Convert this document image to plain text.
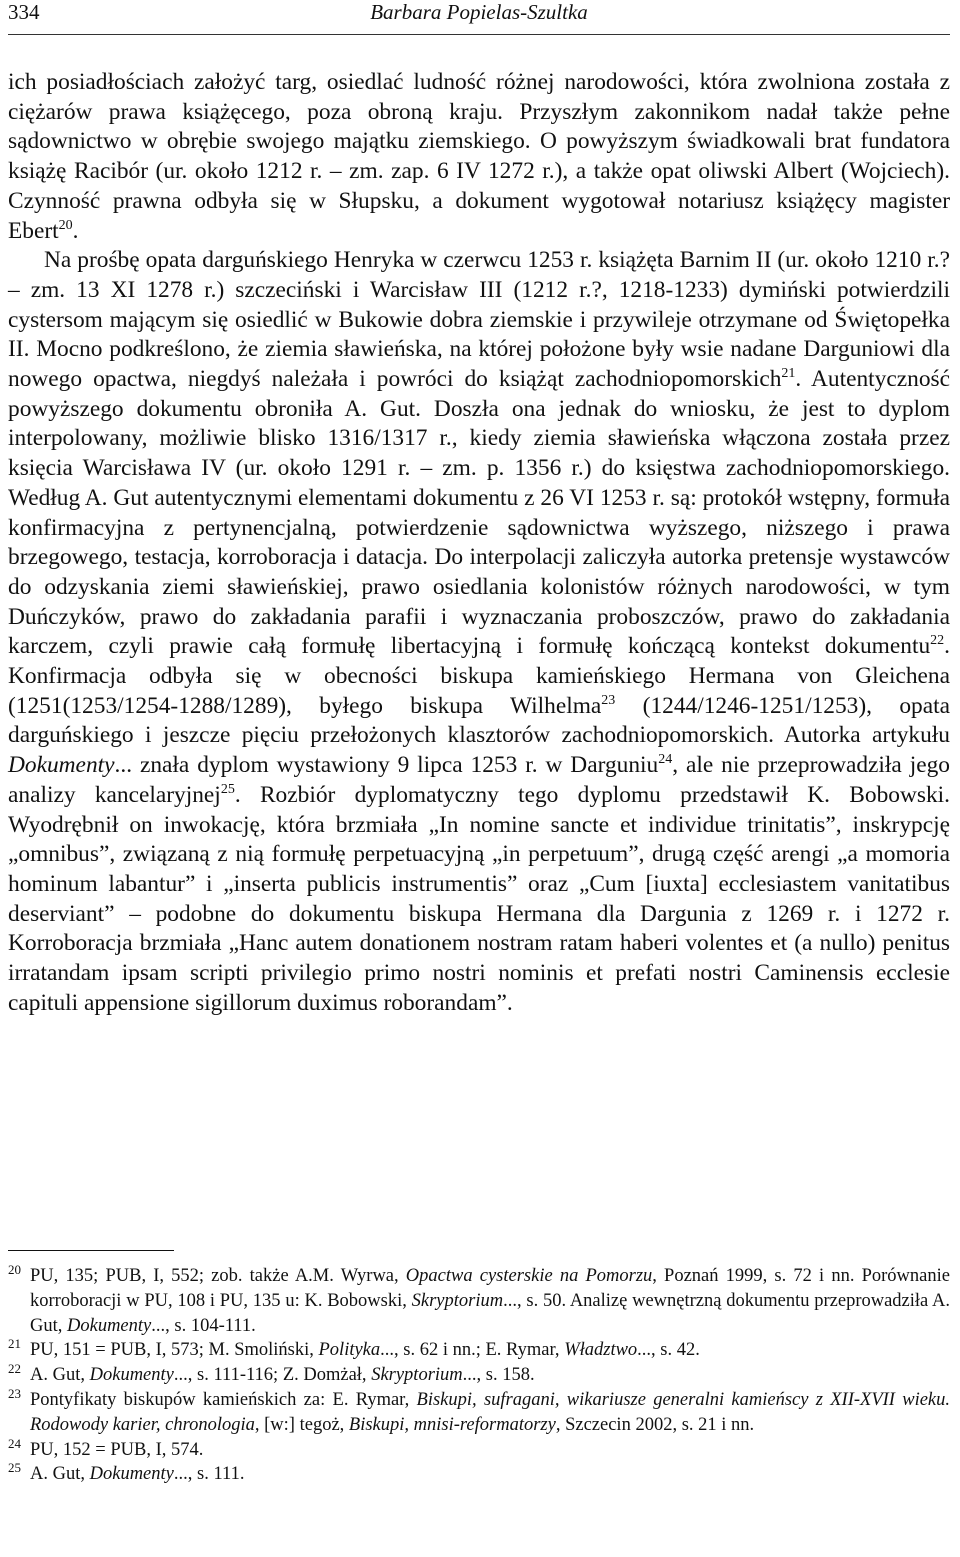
334	Barbara Popielas-Szultka

ich posiadłościach założyć targ, osiedlać ludność różnej narodowości, która zwolniona została z ciężarów prawa książęcego, poza obroną kraju. Przyszłym zakonnikom nadał także pełne sądownictwo w obrębie swojego majątku ziemskiego. O powyższym świadkowali brat fundatora książę Racibór (ur. około 1212 r. – zm. zap. 6 IV 1272 r.), a także opat oliwski Albert (Wojciech). Czynność prawna odbyła się w Słupsku, a dokument wygotował notariusz książęcy magister Ebert$^{20}$.

Na prośbę opata darguńskiego Henryka w czerwcu 1253 r. książęta Barnim II (ur. około 1210 r.? – zm. 13 XI 1278 r.) szczeciński i Warcisław III (1212 r.?, 1218-1233) dymiński potwierdzili cystersom mającym się osiedlić w Bukowie dobra ziemskie i przywileje otrzymane od Świętopełka II. Mocno podkreślono, że ziemia sławieńska, na której położone były wsie nadane Darguniowi dla nowego opactwa, niegdyś należała i powróci do książąt zachodniopomorskich$^{21}$. Autentyczność powyższego dokumentu obroniła A. Gut. Doszła ona jednak do wniosku, że jest to dyplom interpolowany, możliwie blisko 1316/1317 r., kiedy ziemia sławieńska włączona została przez księcia Warcisława IV (ur. około 1291 r. – zm. p. 1356 r.) do księstwa zachodniopomorskiego. Według A. Gut autentycznymi elementami dokumentu z 26 VI 1253 r. są: protokół wstępny, formuła konfirmacyjna z pertynencjalną, potwierdzenie sądownictwa wyższego, niższego i prawa brzegowego, testacja, korroboracja i datacja. Do interpolacji zaliczyła autorka pretensje wystawców do odzyskania ziemi sławieńskiej, prawo osiedlania kolonistów różnych narodowości, w tym Duńczyków, prawo do zakładania parafii i wyznaczania proboszczów, prawo do zakładania karczem, czyli prawie całą formułę libertacyjną i formułę kończącą kontekst dokumentu$^{22}$. Konfirmacja odbyła się w obecności biskupa kamieńskiego Hermana von Gleichena (1251(1253/1254-1288/1289), byłego biskupa Wilhelma$^{23}$ (1244/1246-1251/1253), opata darguńskiego i jeszcze pięciu przełożonych klasztorów zachodniopomorskich. Autorka artykułu Dokumenty... znała dyplom wystawiony 9 lipca 1253 r. w Darguniu$^{24}$, ale nie przeprowadziła jego analizy kancelaryjnej$^{25}$. Rozbiór dyplomatyczny tego dyplomu przedstawił K. Bobowski. Wyodrębnił on inwokację, która brzmiała „In nomine sancte et individue trinitatis”, inskrypcję „omnibus”, związaną z nią formułę perpetuacyjną „in perpetuum”, drugą część arengi „a momoria hominum labantur” i „inserta publicis instrumentis” oraz „Cum [iuxta] ecclesiastem vanitatibus deserviant” – podobne do dokumentu biskupa Hermana dla Dargunia z 1269 r. i 1272 r. Korroboracja brzmiała „Hanc autem donationem nostram ratam haberi volentes et (a nullo) penitus irratandam ipsam scripti privilegio primo nostri nominis et prefati nostri Caminensis ecclesie capituli appensione sigillorum duximus roborandam”.

20 PU, 135; PUB, I, 552; zob. także A.M. Wyrwa, Opactwa cysterskie na Pomorzu, Poznań 1999, s. 72 i nn. Porównanie korroboracji w PU, 108 i PU, 135 u: K. Bobowski, Skryptorium..., s. 50. Analizę wewnętrzną dokumentu przeprowadziła A. Gut, Dokumenty..., s. 104-111.

21 PU, 151 = PUB, I, 573; M. Smoliński, Polityka..., s. 62 i nn.; E. Rymar, Władztwo..., s. 42.

22 A. Gut, Dokumenty..., s. 111-116; Z. Domżał, Skryptorium..., s. 158.

23 Pontyfikaty biskupów kamieńskich za: E. Rymar, Biskupi, sufragani, wikariusze generalni kamieńscy z XII-XVII wieku. Rodowody karier, chronologia, [w:] tegoż, Biskupi, mnisi-reformatorzy, Szczecin 2002, s. 21 i nn.

24 PU, 152 = PUB, I, 574.

25 A. Gut, Dokumenty..., s. 111.
